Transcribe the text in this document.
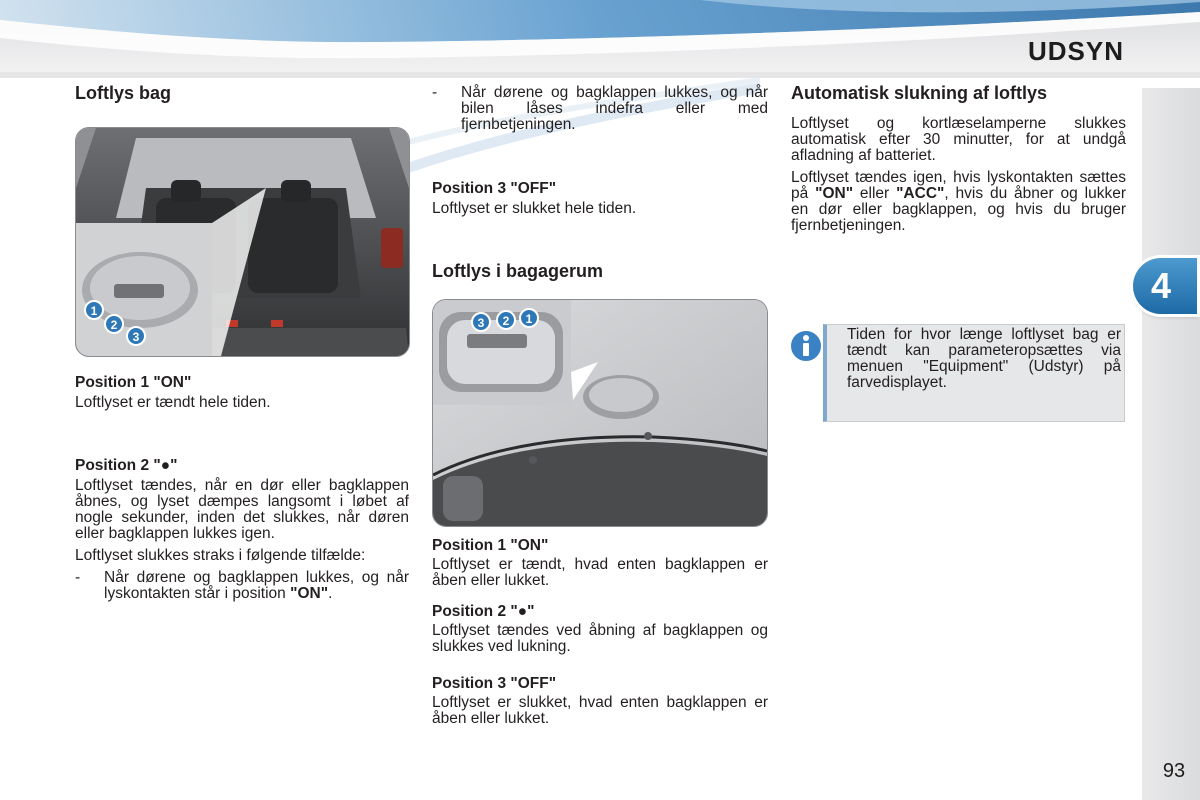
UDSYN
4
93
Loftlys bag
1
2
3
Position 1 "ON"

Loftlyset er tændt hele tiden.

Position 2 "●"

Loftlyset tændes, når en dør eller bagklappen åbnes, og lyset dæmpes langsomt i løbet af nogle sekunder, inden det slukkes, når døren eller bagklappen lukkes igen.

Loftlyset slukkes straks i følgende tilfælde:

-	Når dørene og bagklappen lukkes, og når lyskontakten står i position "ON".
-	Når dørene og bagklappen lukkes, og når bilen låses indefra eller med fjernbetjeningen.
Position 3 "OFF"

Loftlyset er slukket hele tiden.

Loftlys i bagagerum
3 2 1
Position 1 "ON"

Loftlyset er tændt, hvad enten bagklappen er åben eller lukket.

Position 2 "●"

Loftlyset tændes ved åbning af bagklappen og slukkes ved lukning.

Position 3 "OFF"

Loftlyset er slukket, hvad enten bagklappen er åben eller lukket.

Automatisk slukning af loftlys

Loftlyset og kortlæselamperne slukkes automatisk efter 30 minutter, for at undgå afladning af batteriet.

Loftlyset tændes igen, hvis lyskontakten sættes på "ON" eller "ACC", hvis du åbner og lukker en dør eller bagklappen, og hvis du bruger fjernbetjeningen.

Tiden for hvor længe loftlyset bag er tændt kan parameteropsættes via menuen "Equipment" (Udstyr) på farvedisplayet.
